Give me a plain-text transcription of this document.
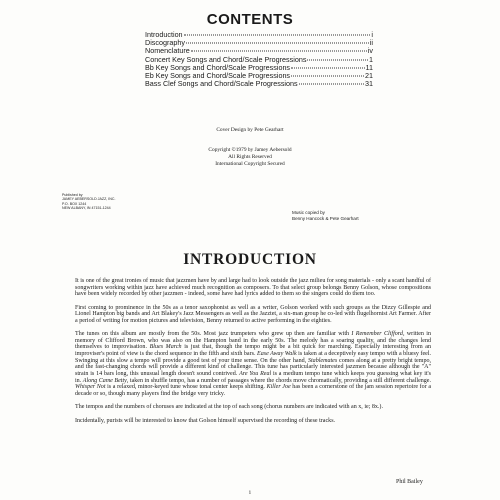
CONTENTS
Introduction	i
Discography	ii
Nomenclature	iv
Concert Key Songs and Chord/Scale Progressions	1
Bb Key Songs and Chord/Scale Progressions	11
Eb Key Songs and Chord/Scale Progressions	21
Bass Clef Songs and Chord/Scale Progressions	31
Cover Design by Pete Gearhart
Copyright ©1979 by Jamey Aebersold
All Rights Reserved
International Copyright Secured
Published by
JAMEY AEBERSOLD JAZZ, INC.
P.O. BOX 1244
NEW ALBANY, IN 47151-1244
Music copied by
Benny Hancock & Pete Gearhart
INTRODUCTION

It is one of the great ironies of music that jazzmen have by and large had to look outside the jazz milieu for song materials - only a scant handful of songwriters working within jazz have achieved much recognition as composers. To that select group belongs Benny Golson, whose compositions have been widely recorded by other jazzmen - indeed, some have had lyrics added to them so the singers could do them too.

First coming to prominence in the 50s as a tenor saxophonist as well as a writer, Golson worked with such groups as the Dizzy Gillespie and Lionel Hampton big bands and Art Blakey's Jazz Messengers as well as the Jazztet, a six-man group he co-led with flugelhornist Art Farmer. After a period of writing for motion pictures and television, Benny returned to active performing in the eighties.

The tunes on this album are mostly from the 50s. Most jazz trumpeters who grew up then are familiar with I Remember Clifford, written in memory of Clifford Brown, who was also on the Hampton band in the early 50s. The melody has a soaring quality, and the changes lend themselves to improvisation. Blues March is just that, though the tempo might be a bit quick for marching. Especially interesting from an improviser's point of view is the chord sequence in the fifth and sixth bars. Ease Away Walk is taken at a deceptively easy tempo with a bluesy feel. Swinging at this slow a tempo will provide a good test of your time sense. On the other hand, Stablemates comes along at a pretty bright tempo, and the fast-changing chords will provide a different kind of challenge. This tune has particularly interested jazzmen because although the "A" strain is 14 bars long, this unusual length doesn't sound contrived. Are You Real is a medium tempo tune which keeps you guessing what key it's in. Along Came Betty, taken in shuffle tempo, has a number of passages where the chords move chromatically, providing a still different challenge. Whisper Not is a relaxed, minor-keyed tune whose tonal center keeps shifting. Killer Joe has been a cornerstone of the jam session repertoire for a decade or so, though many players find the bridge very tricky.

The tempos and the numbers of choruses are indicated at the top of each song (chorus numbers are indicated with an x, ie; 8x.).

Incidentally, purists will be interested to know that Golson himself supervised the recording of these tracks.

Phil Bailey
i
